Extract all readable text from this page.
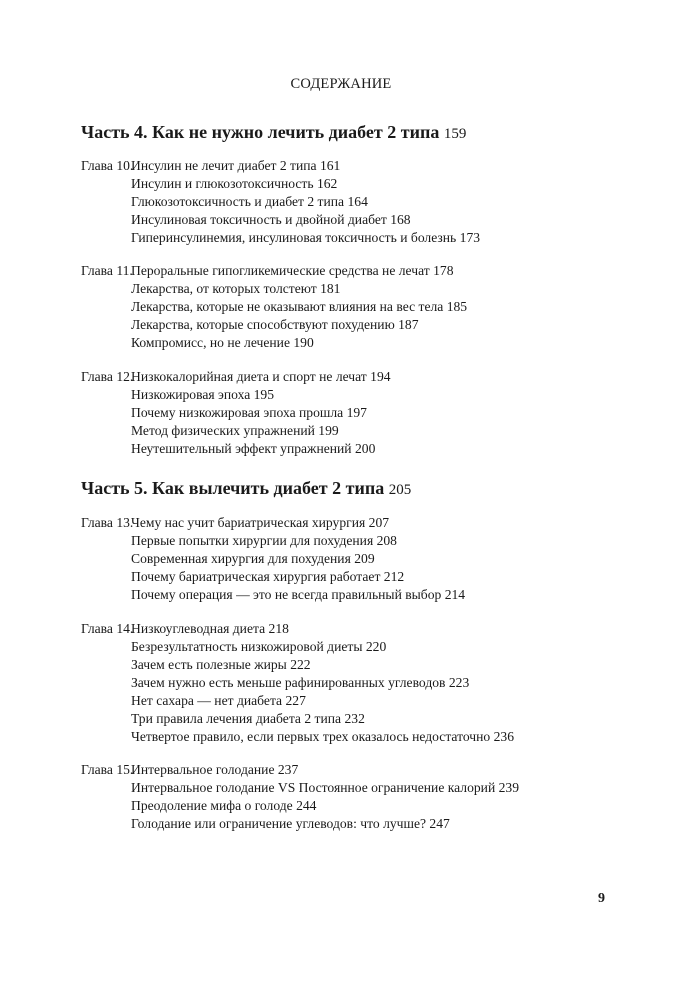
СОДЕРЖАНИЕ
Часть 4. Как не нужно лечить диабет 2 типа 159
Глава 10.Инсулин не лечит диабет 2 типа 161
Инсулин и глюкозотоксичность 162
Глюкозотоксичность и диабет 2 типа 164
Инсулиновая токсичность и двойной диабет 168
Гиперинсулинемия, инсулиновая токсичность и болезнь 173
Глава 11.Пероральные гипогликемические средства не лечат 178
Лекарства, от которых толстеют 181
Лекарства, которые не оказывают влияния на вес тела 185
Лекарства, которые способствуют похудению 187
Компромисс, но не лечение 190
Глава 12.Низкокалорийная диета и спорт не лечат 194
Низкожировая эпоха 195
Почему низкожировая эпоха прошла 197
Метод физических упражнений 199
Неутешительный эффект упражнений 200
Часть 5. Как вылечить диабет 2 типа 205
Глава 13.Чему нас учит бариатрическая хирургия 207
Первые попытки хирургии для похудения 208
Современная хирургия для похудения 209
Почему бариатрическая хирургия работает 212
Почему операция — это не всегда правильный выбор 214
Глава 14.Низкоуглеводная диета 218
Безрезультатность низкожировой диеты 220
Зачем есть полезные жиры 222
Зачем нужно есть меньше рафинированных углеводов 223
Нет сахара — нет диабета 227
Три правила лечения диабета 2 типа 232
Четвертое правило, если первых трех оказалось недостаточно 236
Глава 15.Интервальное голодание 237
Интервальное голодание VS Постоянное ограничение калорий 239
Преодоление мифа о голоде 244
Голодание или ограничение углеводов: что лучше? 247
9
